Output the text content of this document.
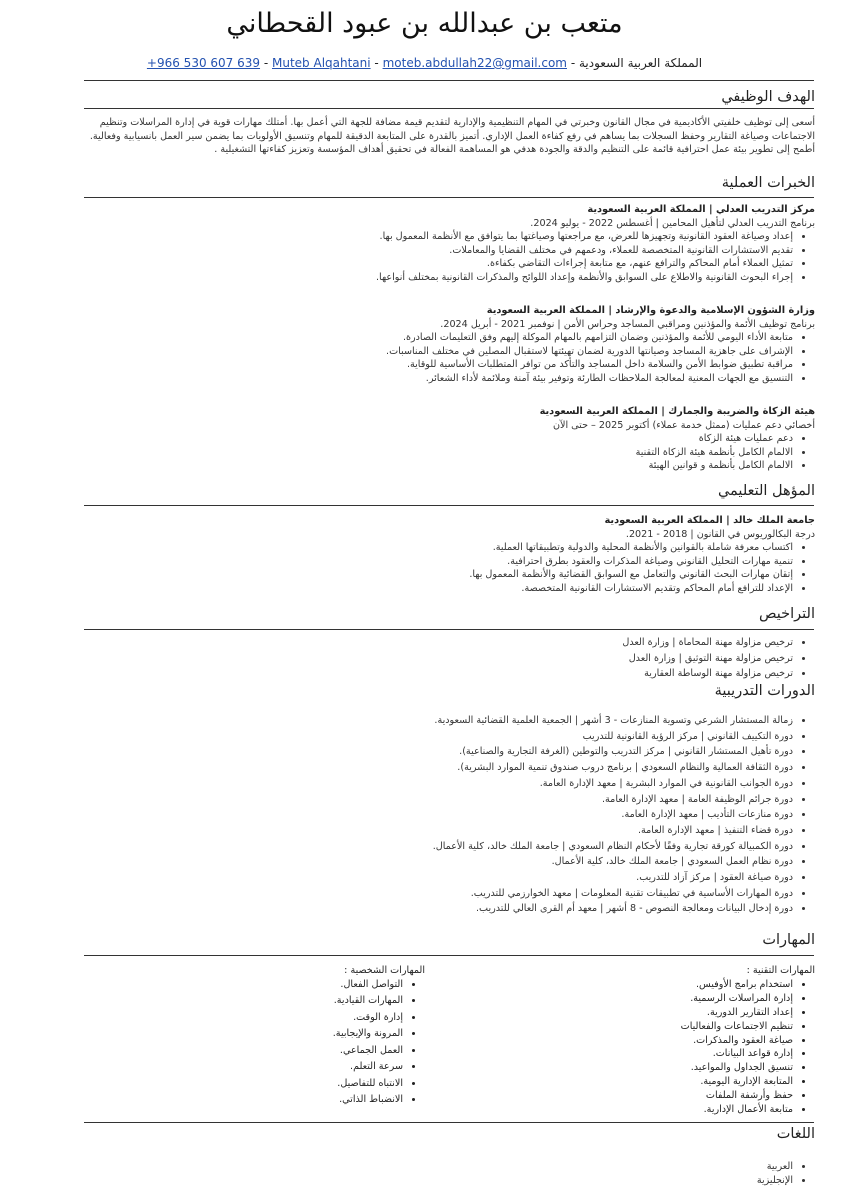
متعب بن عبدالله بن عبود القحطاني
المملكة العربية السعودية - Muteb Alqahtani - moteb.abdullah22@gmail.com - +966 530 607 639
الهدف الوظيفي

أسعى إلى توظيف خلفيتي الأكاديمية في مجال القانون وخبرتي في المهام التنظيمية والإدارية لتقديم قيمة مضافة للجهة التي أعمل بها. أمتلك مهارات قوية في إدارة المراسلات وتنظيم

الاجتماعات وصياغة التقارير وحفظ السجلات بما يساهم في رفع كفاءة العمل الإداري. أتميز بالقدرة على المتابعة الدقيقة للمهام وتنسيق الأولويات بما يضمن سير العمل بانسيابية وفعالية.

أطمح إلى تطوير بيئة عمل احترافية قائمة على التنظيم والدقة والجودة هدفي هو المساهمة الفعالة في تحقيق أهداف المؤسسة وتعزيز كفاءتها التشغيلية .

الخبرات العملية

مركز التدريب العدلي | المملكة العربية السعودية

برنامج التدريب العدلي لتأهيل المحامين | أغسطس 2022 - يوليو 2024.

• إعداد وصياغة العقود القانونية وتجهيزها للعرض، مع مراجعتها وصياغتها بما يتوافق مع الأنظمة المعمول بها.
• تقديم الاستشارات القانونية المتخصصة للعملاء، ودعمهم في مختلف القضايا والمعاملات.
• تمثيل العملاء أمام المحاكم والترافع عنهم، مع متابعة إجراءات التقاضي بكفاءة.
• إجراء البحوث القانونية والاطلاع على السوابق والأنظمة وإعداد اللوائح والمذكرات القانونية بمختلف أنواعها.

وزارة الشؤون الإسلامية والدعوة والإرشاد | المملكة العربية السعودية

برنامج توظيف الأئمة والمؤذنين ومراقبي المساجد وحراس الأمن | نوفمبر 2021 - أبريل 2024.

• متابعة الأداء اليومي للأئمة والمؤذنين وضمان التزامهم بالمهام الموكلة إليهم وفق التعليمات الصادرة.
• الإشراف على جاهزية المساجد وصيانتها الدورية لضمان تهيئتها لاستقبال المصلين في مختلف المناسبات.
• مراقبة تطبيق ضوابط الأمن والسلامة داخل المساجد والتأكد من توافر المتطلبات الأساسية للوقاية.
• التنسيق مع الجهات المعنية لمعالجة الملاحظات الطارئة وتوفير بيئة آمنة وملائمة لأداء الشعائر.

هيئة الزكاة والضريبة والجمارك | المملكة العربية السعودية

أخصائي دعم عمليات (ممثل خدمة عملاء) أكتوبر 2025 – حتى الآن

• دعم عمليات هيئة الزكاة
• الالمام الكامل بأنظمة هيئة الزكاة التقنية
• الالمام الكامل بأنظمة و قوانين الهيئة
المؤهل التعليمي

جامعة الملك خالد | المملكة العربية السعودية

درجة البكالوريوس في القانون | 2018 - 2021.

• اكتساب معرفة شاملة بالقوانين والأنظمة المحلية والدولية وتطبيقاتها العملية.
• تنمية مهارات التحليل القانوني وصياغة المذكرات والعقود بطرق احترافية.
• إتقان مهارات البحث القانوني والتعامل مع السوابق القضائية والأنظمة المعمول بها.
• الإعداد للترافع أمام المحاكم وتقديم الاستشارات القانونية المتخصصة.
التراخيص
• ترخيص مزاولة مهنة المحاماة | وزارة العدل
• ترخيص مزاولة مهنة التوثيق | وزارة العدل
• ترخيص مزاولة مهنة الوساطة العقارية
الدورات التدريبية
• زمالة المستشار الشرعي وتسوية المنازعات - 3 أشهر | الجمعية العلمية القضائية السعودية.
• دورة التكييف القانوني | مركز الرؤية القانونية للتدريب
• دورة تأهيل المستشار القانوني | مركز التدريب والتوطين (الغرفة التجارية والصناعية).
• دورة الثقافة العمالية والنظام السعودي | برنامج دروب صندوق تنمية الموارد البشرية).
• دورة الجوانب القانونية في الموارد البشرية | معهد الإدارة العامة.
• دورة جرائم الوظيفة العامة | معهد الإدارة العامة.
• دورة منازعات التأديب | معهد الإدارة العامة.
• دورة قضاء التنفيذ | معهد الإدارة العامة.
• دورة الكمبيالة كورقة تجارية وفقًا لأحكام النظام السعودي | جامعة الملك خالد، كلية الأعمال.
• دورة نظام العمل السعودي | جامعة الملك خالد، كلية الأعمال.
• دورة صياغة العقود | مركز آزاد للتدريب.
• دورة المهارات الأساسية في تطبيقات تقنية المعلومات | معهد الخوارزمي للتدريب.
• دورة إدخال البيانات ومعالجة النصوص - 8 أشهر | معهد أم القرى العالي للتدريب.
المهارات

المهارات التقنية :

• استخدام برامج الأوفيس.
• إدارة المراسلات الرسمية.
• إعداد التقارير الدورية.
• تنظيم الاجتماعات والفعاليات
• صياغة العقود والمذكرات.
• إدارة قواعد البيانات.
• تنسيق الجداول والمواعيد.
• المتابعة الإدارية اليومية.
• حفظ وأرشفة الملفات
• متابعة الأعمال الإدارية.

المهارات الشخصية :

• التواصل الفعال.
• المهارات القيادية.
• إدارة الوقت.
• المرونة والإيجابية.
• العمل الجماعي.
• سرعة التعلم.
• الانتباه للتفاصيل.
• الانضباط الذاتي.
اللغات
• العربية
• الإنجليزية
